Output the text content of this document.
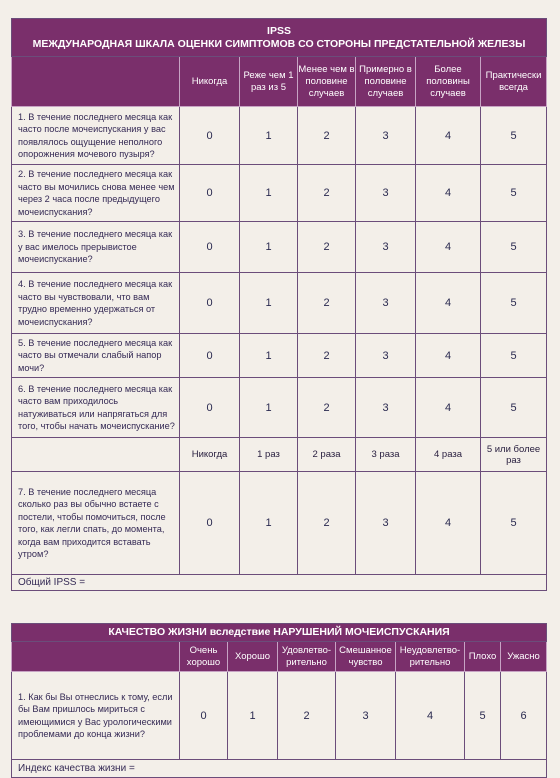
IPSS
МЕЖДУНАРОДНАЯ ШКАЛА ОЦЕНКИ СИМПТОМОВ СО СТОРОНЫ ПРЕДСТАТЕЛЬНОЙ ЖЕЛЕЗЫ						

	Никогда	Реже чем 1 раз из 5	Менее чем в половине случаев	Примерно в половине случаев	Более половины случаев	Практически всегда
1. В течение последнего месяца как часто после мочеиспускания у вас появлялось ощущение неполного опорожнения мочевого пузыря?	0	1	2	3	4	5
2. В течение последнего месяца как часто вы мочились снова менее чем через 2 часа после предыдущего мочеиспускания?	0	1	2	3	4	5
3. В течение последнего месяца как у вас имелось прерывистое мочеиспускание?	0	1	2	3	4	5
4. В течение последнего месяца как часто вы чувствовали, что вам трудно временно удержаться от мочеиспускания?	0	1	2	3	4	5
5. В течение последнего месяца как часто вы отмечали слабый напор мочи?	0	1	2	3	4	5
6. В течение последнего месяца как часто вам приходилось натуживаться или напрягаться для того, чтобы начать мочеиспускание?	0	1	2	3	4	5
	Никогда	1 раз	2 раза	3 раза	4 раза	5 или более раз
7. В течение последнего месяца сколько раз вы обычно встаете с постели, чтобы помочиться, после того, как легли спать, до момента, когда вам приходится вставать утром?	0	1	2	3	4	5
Общий IPSS =						
КАЧЕСТВО ЖИЗНИ вследствие НАРУШЕНИЙ МОЧЕИСПУСКАНИЯ							
	Очень хорошо	Хорошо	Удовлетво-рительно	Смешанное чувство	Неудовлетво-рительно	Плохо	Ужасно
1. Как бы Вы отнеслись к тому, если бы Вам пришлось мириться с имеющимися у Вас урологическими проблемами до конца жизни?	0	1	2	3	4	5	6
Индекс качества жизни =							
